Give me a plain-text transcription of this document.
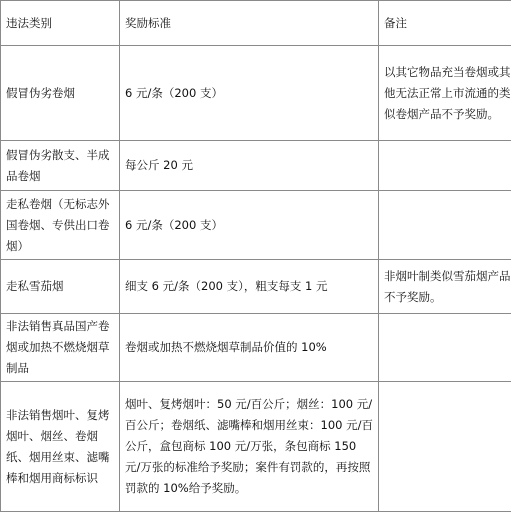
违法类别	奖励标准	备注

假冒伪劣卷烟	6 元/条（200 支）	以其它物品充当卷烟或其他无法正常上市流通的类似卷烟产品不予奖励。

假冒伪劣散支、半成品卷烟	每公斤 20 元	

走私卷烟（无标志外国卷烟、专供出口卷烟）	6 元/条（200 支）	

走私雪茄烟	细支 6 元/条（200 支），粗支每支 1 元	非烟叶制类似雪茄烟产品不予奖励。

非法销售真品国产卷烟或加热不燃烧烟草制品	卷烟或加热不燃烧烟草制品价值的 10%	

非法销售烟叶、复烤烟叶、烟丝、卷烟纸、烟用丝束、滤嘴棒和烟用商标标识	烟叶、复烤烟叶：50 元/百公斤；烟丝：100 元/百公斤；卷烟纸、滤嘴棒和烟用丝束：100 元/百公斤，盒包商标 100 元/万张，条包商标 150 元/万张的标准给予奖励；案件有罚款的，再按照罚款的 10%给予奖励。	
